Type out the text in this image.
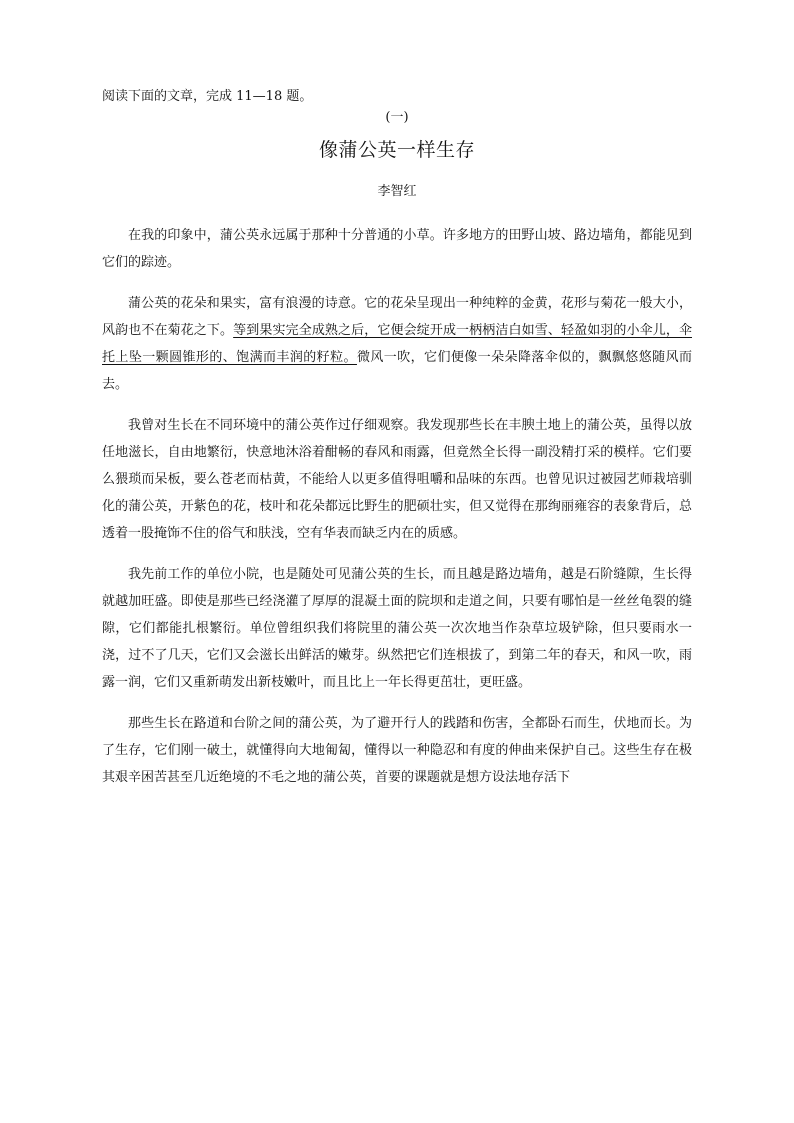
阅读下面的文章，完成 11—18 题。
(一)
像蒲公英一样生存
李智红

在我的印象中，蒲公英永远属于那种十分普通的小草。许多地方的田野山坡、路边墙角，都能见到它们的踪迹。

蒲公英的花朵和果实，富有浪漫的诗意。它的花朵呈现出一种纯粹的金黄，花形与菊花一般大小，风韵也不在菊花之下。等到果实完全成熟之后，它便会绽开成一柄柄洁白如雪、轻盈如羽的小伞儿，伞托上坠一颗圆锥形的、饱满而丰润的籽粒。微风一吹，它们便像一朵朵降落伞似的，飘飘悠悠随风而去。

我曾对生长在不同环境中的蒲公英作过仔细观察。我发现那些长在丰腴土地上的蒲公英，虽得以放任地滋长，自由地繁衍，快意地沐浴着酣畅的春风和雨露，但竟然全长得一副没精打采的模样。它们要么猥琐而呆板，要么苍老而枯黄，不能给人以更多值得咀嚼和品味的东西。也曾见识过被园艺师栽培驯化的蒲公英，开紫色的花，枝叶和花朵都远比野生的肥硕壮实，但又觉得在那绚丽雍容的表象背后，总透着一股掩饰不住的俗气和肤浅，空有华表而缺乏内在的质感。

我先前工作的单位小院，也是随处可见蒲公英的生长，而且越是路边墙角，越是石阶缝隙，生长得就越加旺盛。即使是那些已经浇灌了厚厚的混凝土面的院坝和走道之间，只要有哪怕是一丝丝龟裂的缝隙，它们都能扎根繁衍。单位曾组织我们将院里的蒲公英一次次地当作杂草垃圾铲除，但只要雨水一浇，过不了几天，它们又会滋长出鲜活的嫩芽。纵然把它们连根拔了，到第二年的春天，和风一吹，雨露一润，它们又重新萌发出新枝嫩叶，而且比上一年长得更茁壮，更旺盛。

那些生长在路道和台阶之间的蒲公英，为了避开行人的践踏和伤害，全都卧石而生，伏地而长。为了生存，它们刚一破土，就懂得向大地匍匐，懂得以一种隐忍和有度的伸曲来保护自己。这些生存在极其艰辛困苦甚至几近绝境的不毛之地的蒲公英，首要的课题就是想方设法地存活下
